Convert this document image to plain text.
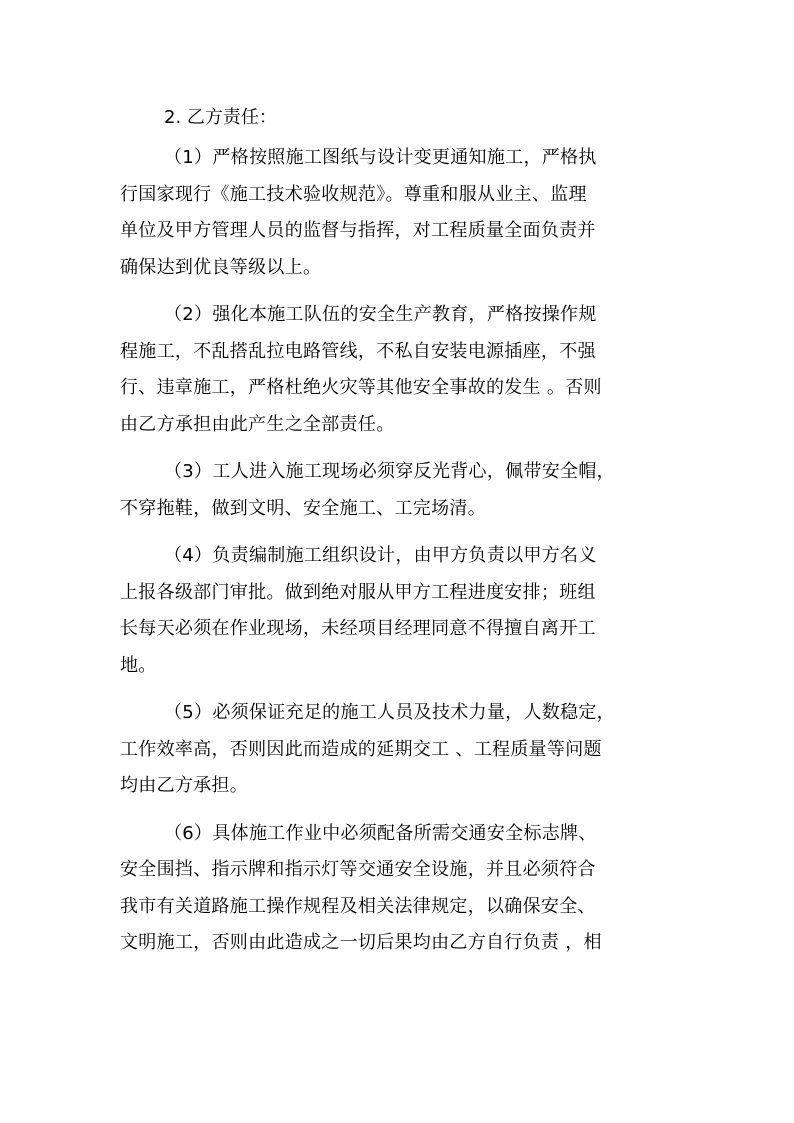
2. 乙方责任：
（1）严格按照施工图纸与设计变更通知施工，严格执
行国家现行《施工技术验收规范》。尊重和服从业主、监理
单位及甲方管理人员的监督与指挥，对工程质量全面负责并
确保达到优良等级以上。
（2）强化本施工队伍的安全生产教育，严格按操作规
程施工，不乱搭乱拉电路管线，不私自安装电源插座，不强
行、违章施工，严格杜绝火灾等其他安全事故的发生 。否则
由乙方承担由此产生之全部责任。
（3）工人进入施工现场必须穿反光背心，佩带安全帽，
不穿拖鞋，做到文明、安全施工、工完场清。
（4）负责编制施工组织设计，由甲方负责以甲方名义
上报各级部门审批。做到绝对服从甲方工程进度安排；班组
长每天必须在作业现场，未经项目经理同意不得擅自离开工
地。
（5）必须保证充足的施工人员及技术力量，人数稳定，
工作效率高，否则因此而造成的延期交工 、工程质量等问题
均由乙方承担。
（6）具体施工作业中必须配备所需交通安全标志牌、
安全围挡、指示牌和指示灯等交通安全设施，并且必须符合
我市有关道路施工操作规程及相关法律规定，以确保安全、
文明施工，否则由此造成之一切后果均由乙方自行负责 ，相
